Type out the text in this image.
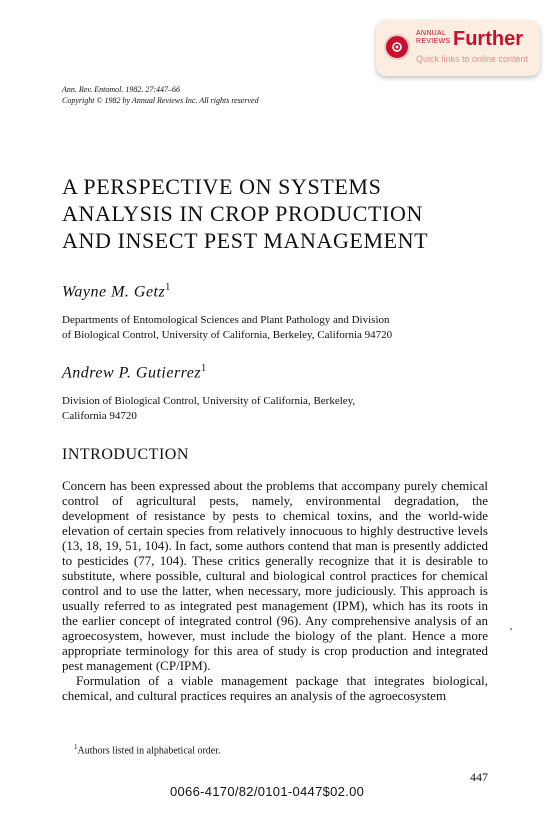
ANNUAL
REVIEWS Further
Quick links to online content
Ann. Rev. Entomol. 1982. 27:447–66
Copyright © 1982 by Annual Reviews Inc. All rights reserved
A PERSPECTIVE ON SYSTEMS
ANALYSIS IN CROP PRODUCTION
AND INSECT PEST MANAGEMENT
Wayne M. Getz$^1$
Departments of Entomological Sciences and Plant Pathology and Division
of Biological Control, University of California, Berkeley, California 94720
Andrew P. Gutierrez$^1$
Division of Biological Control, University of California, Berkeley,
California 94720
INTRODUCTION

Concern has been expressed about the problems that accompany purely chemical control of agricultural pests, namely, environmental degradation, the development of resistance by pests to chemical toxins, and the world-wide elevation of certain species from relatively innocuous to highly destructive levels (13, 18, 19, 51, 104). In fact, some authors contend that man is presently addicted to pesticides (77, 104). These critics generally recognize that it is desirable to substitute, where possible, cultural and biological control practices for chemical control and to use the latter, when necessary, more judiciously. This approach is usually referred to as integrated pest management (IPM), which has its roots in the earlier concept of integrated control (96). Any comprehensive analysis of an agroecosystem, however, must include the biology of the plant. Hence a more appropriate terminology for this area of study is crop production and integrated pest management (CP/IPM).

Formulation of a viable management package that integrates biological, chemical, and cultural practices requires an analysis of the agroecosystem

$^1$Authors listed in alphabetical order.
447
0066-4170/82/0101-0447$02.00
